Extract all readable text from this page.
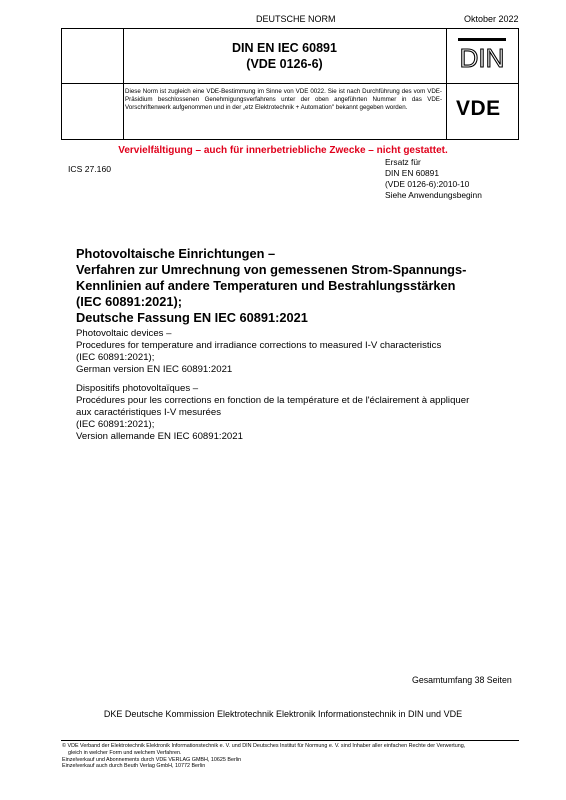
DEUTSCHE NORM	Oktober 2022
DIN EN IEC 60891
(VDE 0126-6)	DIN
VDE
Diese Norm ist zugleich eine VDE-Bestimmung im Sinne von VDE 0022. Sie ist nach Durchführung des vom VDE-Präsidium beschlossenen Genehmigungsverfahrens unter der oben angeführten Nummer in das VDE-Vorschriftenwerk aufgenommen und in der „etz Elektrotechnik + Automation" bekannt gegeben worden.
Vervielfältigung – auch für innerbetriebliche Zwecke – nicht gestattet.
ICS 27.160
Ersatz für
DIN EN 60891
(VDE 0126-6):2010-10
Siehe Anwendungsbeginn
Photovoltaische Einrichtungen –
Verfahren zur Umrechnung von gemessenen Strom-Spannungs-
Kennlinien auf andere Temperaturen und Bestrahlungsstärken
(IEC 60891:2021);
Deutsche Fassung EN IEC 60891:2021
Photovoltaic devices –
Procedures for temperature and irradiance corrections to measured I-V characteristics
(IEC 60891:2021);
German version EN IEC 60891:2021
Dispositifs photovoltaïques –
Procédures pour les corrections en fonction de la température et de l'éclairement à appliquer
aux caractéristiques I-V mesurées
(IEC 60891:2021);
Version allemande EN IEC 60891:2021
Gesamtumfang 38 Seiten
DKE Deutsche Kommission Elektrotechnik Elektronik Informationstechnik in DIN und VDE
© VDE Verband der Elektrotechnik Elektronik Informationstechnik e. V. und DIN Deutsches Institut für Normung e. V. sind Inhaber aller einfachen Rechte der Verwertung,
gleich in welcher Form und welchem Verfahren.
Einzelverkauf und Abonnements durch VDE VERLAG GMBH, 10625 Berlin
Einzelverkauf auch durch Beuth Verlag GmbH, 10772 Berlin
